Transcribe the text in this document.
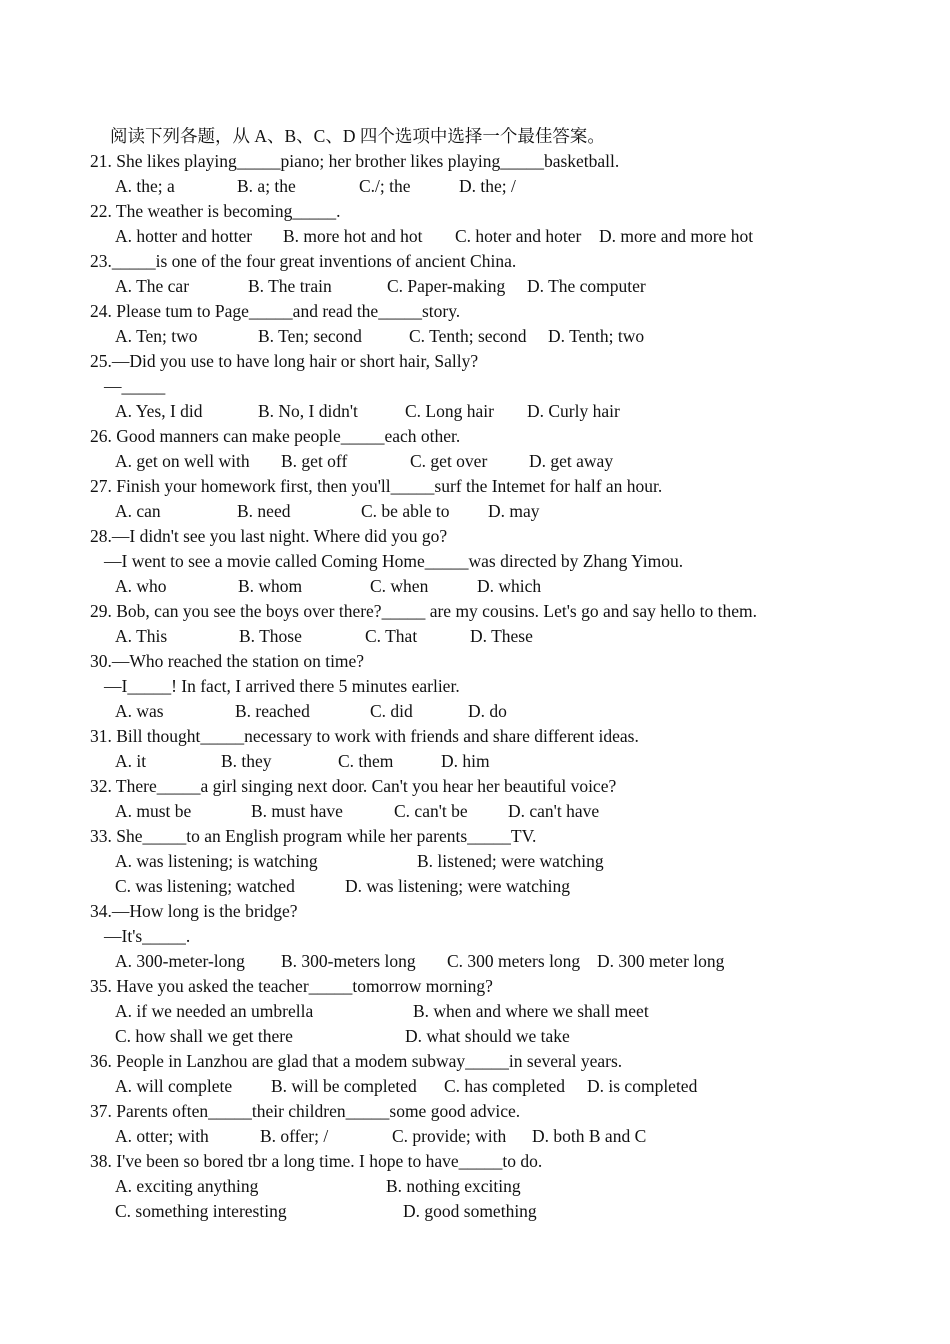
阅读下列各题，从 A、B、C、D 四个选项中选择一个最佳答案。
21. She likes playing_____piano; her brother likes playing_____basketball.
A. the; a	B. a; the	C./; the	D. the; /
22. The weather is becoming_____.
A. hotter and hotter B. more hot and hot C. hoter and hoter D. more and more hot
23._____is one of the four great inventions of ancient China.
A. The car	B. The train	C. Paper-making D. The computer
24. Please tum to Page_____and read the_____story.
A. Ten; two	B. Ten; second	C. Tenth; second D. Tenth; two
25.—Did you use to have long hair or short hair, Sally?
—_____
A. Yes, I did	B. No, I didn't	C. Long hair D. Curly hair
26. Good manners can make people_____each other.
A. get on well with B. get off	C. get over D. get away
27. Finish your homework first, then you'll_____surf the Intemet for half an hour.
A. can	B. need	C. be able to D. may
28.—I didn't see you last night. Where did you go?
—I went to see a movie called Coming Home_____was directed by Zhang Yimou.
A. who	B. whom	C. when	D. which
29. Bob, can you see the boys over there?_____ are my cousins. Let's go and say hello to them.
A. This	B. Those	C. That	D. These
30.—Who reached the station on time?
—I_____! In fact, I arrived there 5 minutes earlier.
A. was	B. reached	C. did	D. do
31. Bill thought_____necessary to work with friends and share different ideas.
A. it	B. they	C. them	D. him
32. There_____a girl singing next door. Can't you hear her beautiful voice?
A. must be	B. must have	C. can't be D. can't have
33. She_____to an English program while her parents_____TV.
A. was listening; is watching	B. listened; were watching
C. was listening; watched	D. was listening; were watching
34.—How long is the bridge?
—It's_____.
A. 300-meter-long B. 300-meters long C. 300 meters long D. 300 meter long
35. Have you asked the teacher_____tomorrow morning?
A. if we needed an umbrella	B. when and where we shall meet
C. how shall we get there	D. what should we take
36. People in Lanzhou are glad that a modem subway_____in several years.
A. will complete B. will be completed C. has completed D. is completed
37. Parents often_____their children_____some good advice.
A. otter; with	B. offer; /	C. provide; with D. both B and C
38. I've been so bored tbr a long time. I hope to have_____to do.
A. exciting anything	B. nothing exciting
C. something interesting	D. good something
